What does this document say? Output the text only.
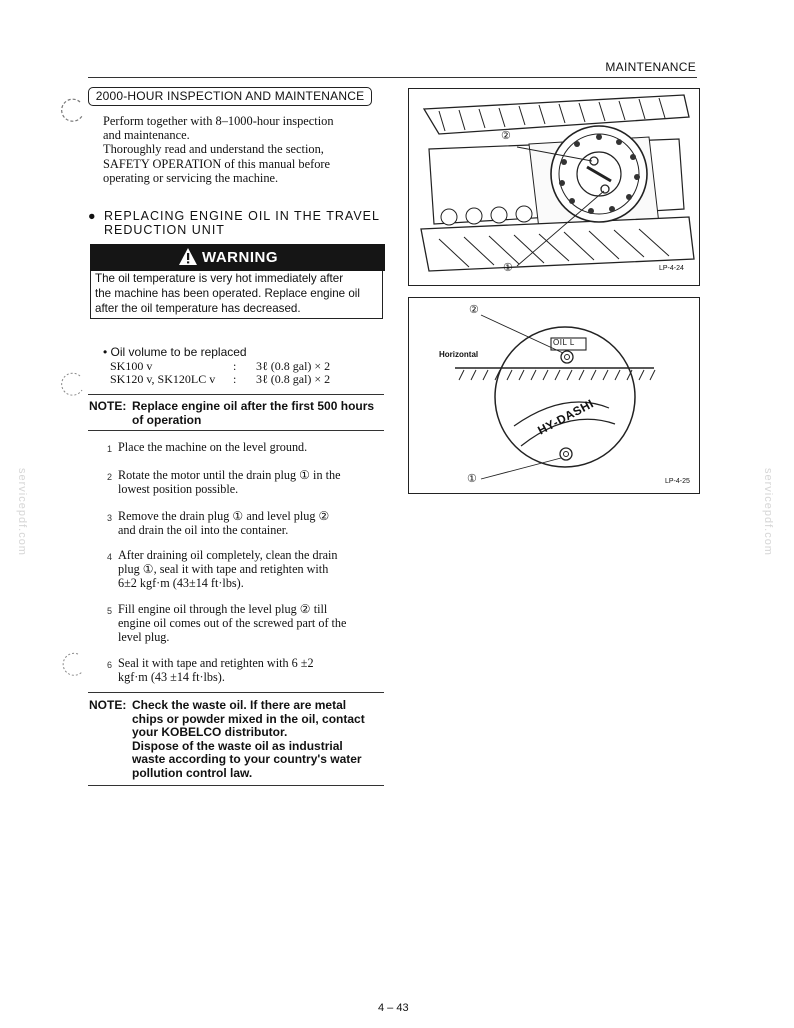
MAINTENANCE
2000-HOUR INSPECTION AND MAINTENANCE
Perform together with 8–1000-hour inspection
and maintenance.
Thoroughly read and understand the section,
SAFETY OPERATION of this manual before
operating or servicing the machine.
● REPLACING ENGINE OIL IN THE TRAVEL
REDUCTION UNIT
WARNING
The oil temperature is very hot immediately after
the machine has been operated. Replace engine oil
after the oil temperature has decreased.
• Oil volume to be replaced
SK100 v	: 3ℓ (0.8 gal) × 2
SK120 v, SK120LC v : 3ℓ (0.8 gal) × 2
NOTE: Replace engine oil after the first 500 hours
of operation
1 Place the machine on the level ground.
2 Rotate the motor until the drain plug ① in the
lowest position possible.
3 Remove the drain plug ① and level plug ②
and drain the oil into the container.
4 After draining oil completely, clean the drain
plug ①, seal it with tape and retighten with
6±2 kgf·m (43±14 ft·lbs).
5 Fill engine oil through the level plug ② till
engine oil comes out of the screwed part of the
level plug.
6 Seal it with tape and retighten with 6 ±2
kgf·m (43 ±14 ft·lbs).
NOTE: Check the waste oil. If there are metal
chips or powder mixed in the oil, contact
your KOBELCO distributor.
Dispose of the waste oil as industrial
waste according to your country's water
pollution control law.
②
①	LP-4-24
②
①
Horizontal
OIL L
HY-DASHI
LP-4-25
servicepdf.com	servicepdf.com
4 – 43
